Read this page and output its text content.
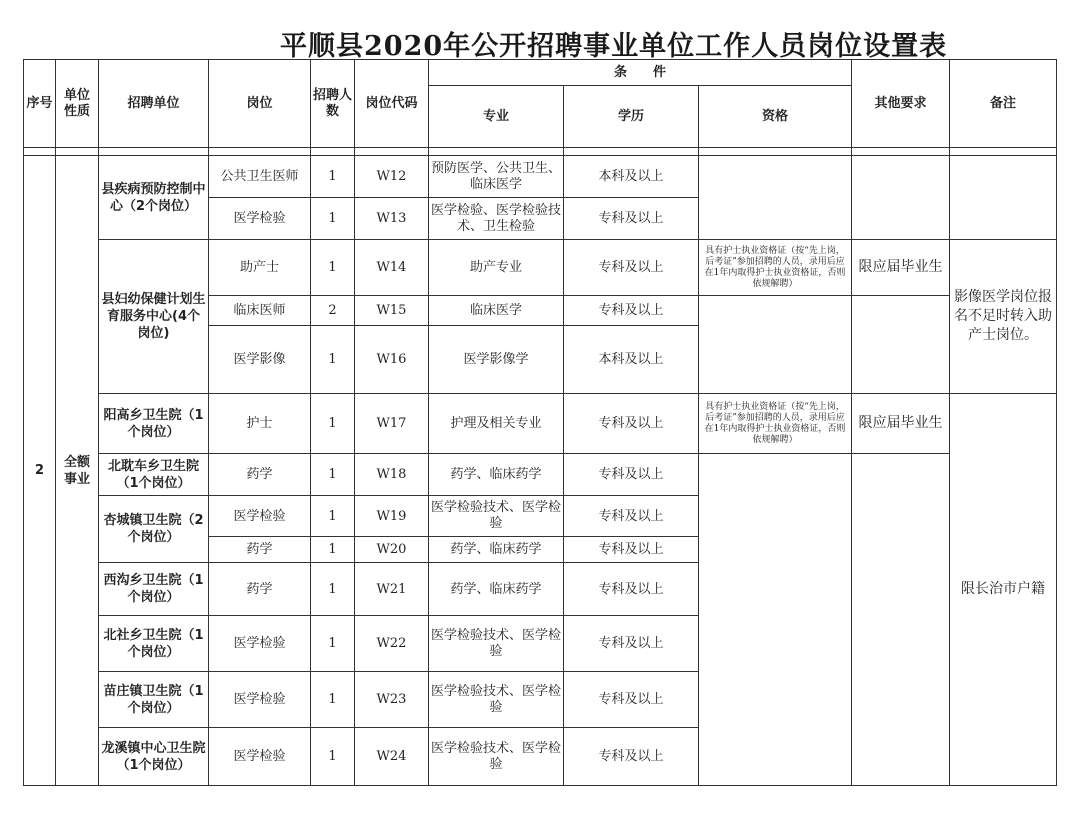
平顺县2020年公开招聘事业单位工作人员岗位设置表
序号	单位性质	招聘单位	岗位	招聘人数	岗位代码	条　　件			其他要求	备注
						专业	学历	资格		

2	全额事业	县疾病预防控制中心（2个岗位）	公共卫生医师	1	W12	预防医学、公共卫生、临床医学	本科及以上			
			医学检验	1	W13	医学检验、医学检验技术、卫生检验	专科及以上			
		县妇幼保健计划生育服务中心(4个岗位)	助产士	1	W14	助产专业	专科及以上	具有护士执业资格证（按“先上岗，后考证”参加招聘的人员，录用后应在1年内取得护士执业资格证，否则依规解聘）	限应届毕业生	影像医学岗位报名不足时转入助产士岗位。
			临床医师	2	W15	临床医学	专科及以上			
			医学影像	1	W16	医学影像学	本科及以上			
		阳高乡卫生院（1个岗位）	护士	1	W17	护理及相关专业	专科及以上	具有护士执业资格证（按“先上岗，后考证”参加招聘的人员，录用后应在1年内取得护士执业资格证，否则依规解聘）	限应届毕业生	限长治市户籍
		北耽车乡卫生院（1个岗位）	药学	1	W18	药学、临床药学	专科及以上			
		杏城镇卫生院（2个岗位）	医学检验	1	W19	医学检验技术、医学检验	专科及以上			
			药学	1	W20	药学、临床药学	专科及以上			
		西沟乡卫生院（1个岗位）	药学	1	W21	药学、临床药学	专科及以上			
		北社乡卫生院（1个岗位）	医学检验	1	W22	医学检验技术、医学检验	专科及以上			
		苗庄镇卫生院（1个岗位）	医学检验	1	W23	医学检验技术、医学检验	专科及以上			
		龙溪镇中心卫生院（1个岗位）	医学检验	1	W24	医学检验技术、医学检验	专科及以上			
